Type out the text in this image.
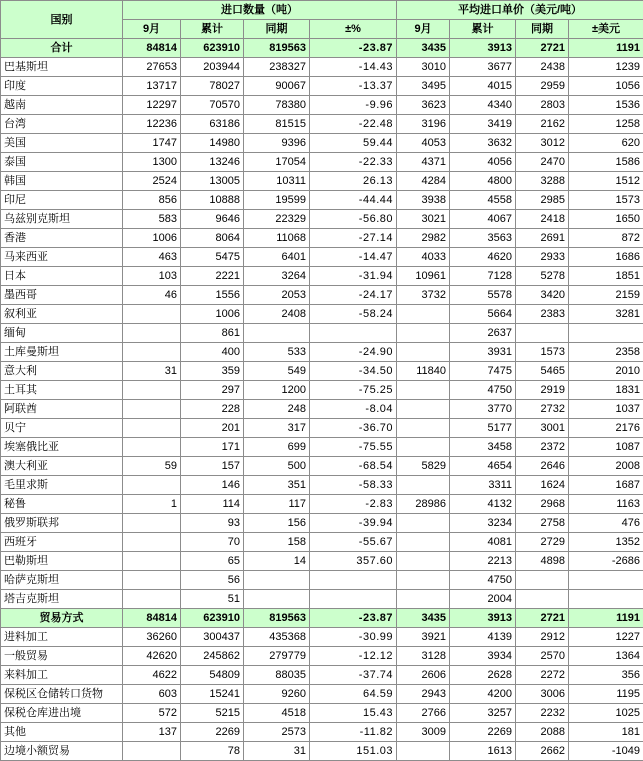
国别	进口数量（吨）				平均进口单价（美元/吨）			
	9月	累计	同期	±%	9月	累计	同期	±美元
合计	84814	623910	819563	-23.87	3435	3913	2721	1191
巴基斯坦	27653	203944	238327	-14.43	3010	3677	2438	1239
印度	13717	78027	90067	-13.37	3495	4015	2959	1056
越南	12297	70570	78380	-9.96	3623	4340	2803	1536
台湾	12236	63186	81515	-22.48	3196	3419	2162	1258
美国	1747	14980	9396	59.44	4053	3632	3012	620
泰国	1300	13246	17054	-22.33	4371	4056	2470	1586
韩国	2524	13005	10311	26.13	4284	4800	3288	1512
印尼	856	10888	19599	-44.44	3938	4558	2985	1573
乌兹别克斯坦	583	9646	22329	-56.80	3021	4067	2418	1650
香港	1006	8064	11068	-27.14	2982	3563	2691	872
马来西亚	463	5475	6401	-14.47	4033	4620	2933	1686
日本	103	2221	3264	-31.94	10961	7128	5278	1851
墨西哥	46	1556	2053	-24.17	3732	5578	3420	2159
叙利亚		1006	2408	-58.24		5664	2383	3281
缅甸		861				2637		
土库曼斯坦		400	533	-24.90		3931	1573	2358
意大利	31	359	549	-34.50	11840	7475	5465	2010
土耳其		297	1200	-75.25		4750	2919	1831
阿联酋		228	248	-8.04		3770	2732	1037
贝宁		201	317	-36.70		5177	3001	2176
埃塞俄比亚		171	699	-75.55		3458	2372	1087
澳大利亚	59	157	500	-68.54	5829	4654	2646	2008
毛里求斯		146	351	-58.33		3311	1624	1687
秘鲁	1	114	117	-2.83	28986	4132	2968	1163
俄罗斯联邦		93	156	-39.94		3234	2758	476
西班牙		70	158	-55.67		4081	2729	1352
巴勒斯坦		65	14	357.60		2213	4898	-2686
哈萨克斯坦		56				4750		
塔吉克斯坦		51				2004		
贸易方式	84814	623910	819563	-23.87	3435	3913	2721	1191
进料加工	36260	300437	435368	-30.99	3921	4139	2912	1227
一般贸易	42620	245862	279779	-12.12	3128	3934	2570	1364
来料加工	4622	54809	88035	-37.74	2606	2628	2272	356
保税区仓储转口货物	603	15241	9260	64.59	2943	4200	3006	1195
保税仓库进出境	572	5215	4518	15.43	2766	3257	2232	1025
其他	137	2269	2573	-11.82	3009	2269	2088	181
边境小额贸易		78	31	151.03		1613	2662	-1049
